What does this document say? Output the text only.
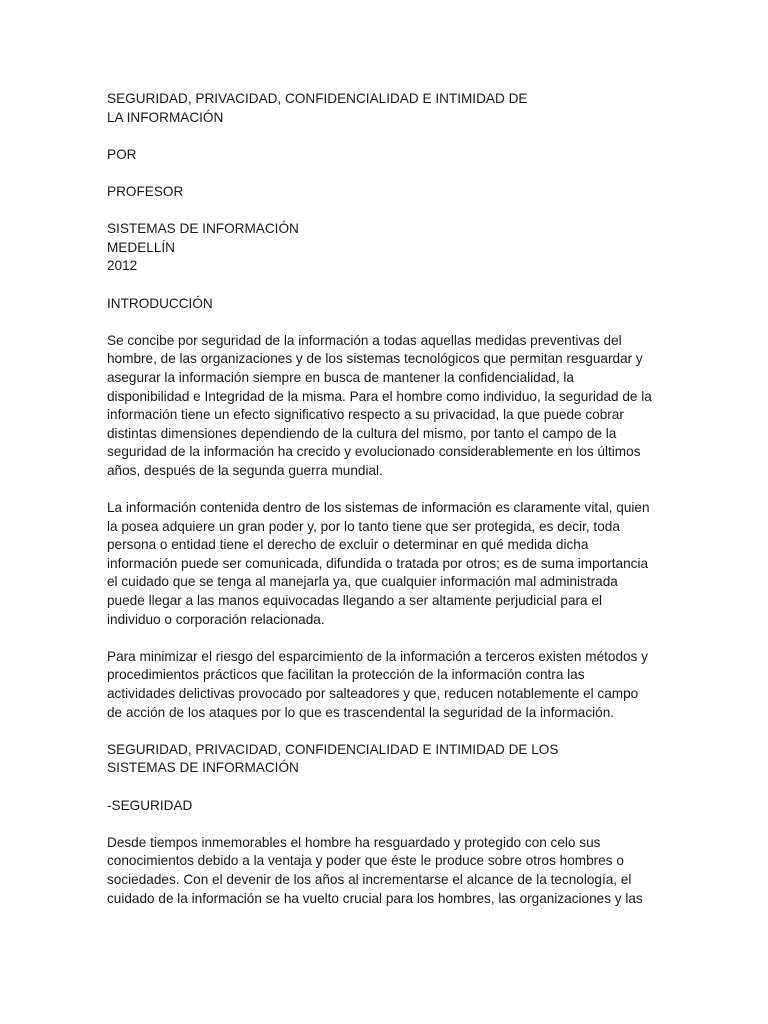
SEGURIDAD, PRIVACIDAD, CONFIDENCIALIDAD E INTIMIDAD DE
LA INFORMACIÓN
POR
PROFESOR
SISTEMAS DE INFORMACIÓN
MEDELLÍN
2012
INTRODUCCIÓN
Se concibe por seguridad de la información a todas aquellas medidas preventivas del
hombre, de las organizaciones y de los sistemas tecnológicos que permitan resguardar y
asegurar la información siempre en busca de mantener la confidencialidad, la
disponibilidad e Integridad de la misma. Para el hombre como individuo, la seguridad de la
información tiene un efecto significativo respecto a su privacidad, la que puede cobrar
distintas dimensiones dependiendo de la cultura del mismo, por tanto el campo de la
seguridad de la información ha crecido y evolucionado considerablemente en los últimos
años, después de la segunda guerra mundial.
La información contenida dentro de los sistemas de información es claramente vital, quien
la posea adquiere un gran poder y, por lo tanto tiene que ser protegida, es decir, toda
persona o entidad tiene el derecho de excluir o determinar en qué medida dicha
información puede ser comunicada, difundida o tratada por otros; es de suma importancia
el cuidado que se tenga al manejarla ya, que cualquier información mal administrada
puede llegar a las manos equivocadas llegando a ser altamente perjudicial para el
individuo o corporación relacionada.
Para minimizar el riesgo del esparcimiento de la información a terceros existen métodos y
procedimientos prácticos que facilitan la protección de la información contra las
actividades delictivas provocado por salteadores y que, reducen notablemente el campo
de acción de los ataques por lo que es trascendental la seguridad de la información.
SEGURIDAD, PRIVACIDAD, CONFIDENCIALIDAD E INTIMIDAD DE LOS
SISTEMAS DE INFORMACIÓN
-SEGURIDAD
Desde tiempos inmemorables el hombre ha resguardado y protegido con celo sus
conocimientos debido a la ventaja y poder que éste le produce sobre otros hombres o
sociedades. Con el devenir de los años al incrementarse el alcance de la tecnología, el
cuidado de la información se ha vuelto crucial para los hombres, las organizaciones y las
